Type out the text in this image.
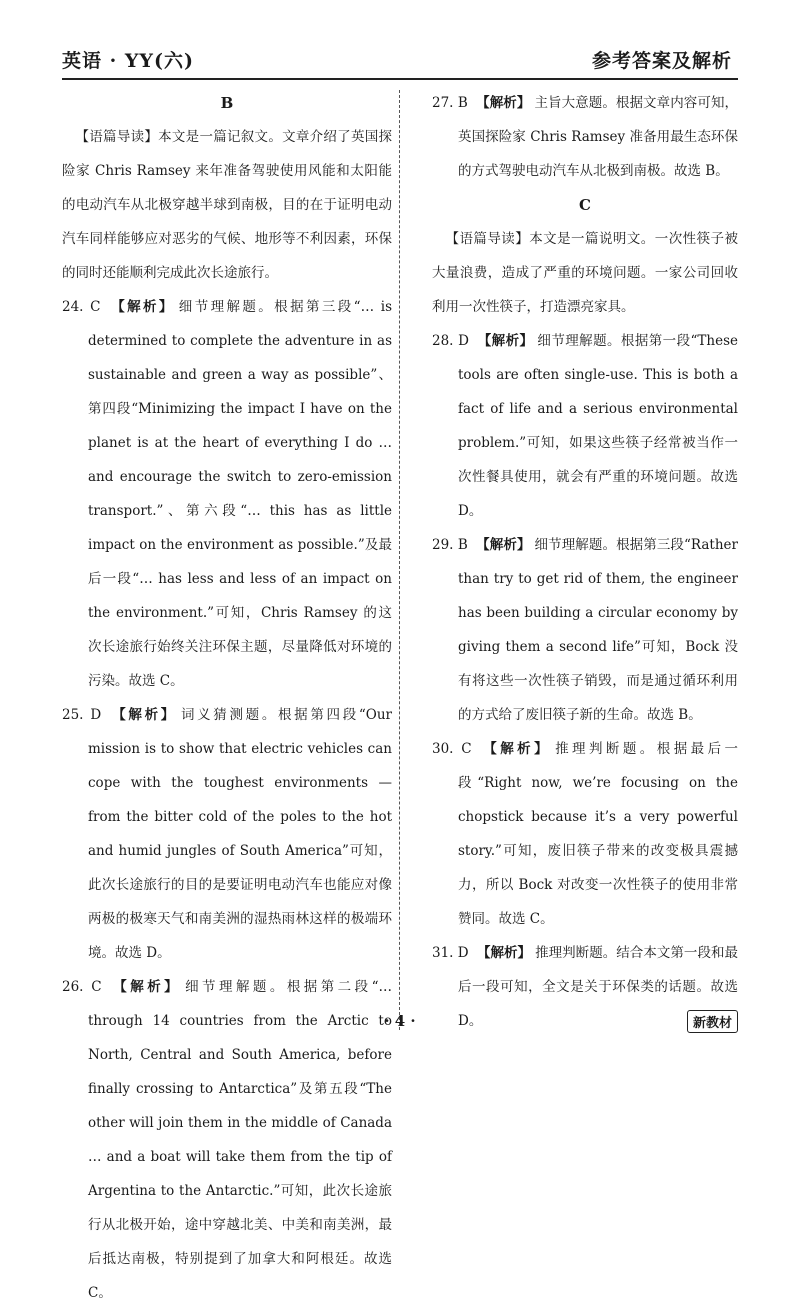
英语 · YY(六)	参考答案及解析

B

【语篇导读】本文是一篇记叙文。文章介绍了英国探险家 Chris Ramsey 来年准备驾驶使用风能和太阳能的电动汽车从北极穿越半球到南极，目的在于证明电动汽车同样能够应对恶劣的气候、地形等不利因素，环保的同时还能顺利完成此次长途旅行。

24. C 【解析】 细节理解题。根据第三段“… is determined to complete the adventure in as sustainable and green a way as possible”、第四段“Minimizing the impact I have on the planet is at the heart of everything I do … and encourage the switch to zero-emission transport.”、第六段“… this has as little impact on the environment as possible.”及最后一段“… has less and less of an impact on the environment.”可知，Chris Ramsey 的这次长途旅行始终关注环保主题，尽量降低对环境的污染。故选 C。

25. D 【解析】 词义猜测题。根据第四段“Our mission is to show that electric vehicles can cope with the toughest environments — from the bitter cold of the poles to the hot and humid jungles of South America”可知，此次长途旅行的目的是要证明电动汽车也能应对像两极的极寒天气和南美洲的湿热雨林这样的极端环境。故选 D。

26. C 【解析】 细节理解题。根据第二段“… through 14 countries from the Arctic to North, Central and South America, before finally crossing to Antarctica”及第五段“The other will join them in the middle of Canada … and a boat will take them from the tip of Argentina to the Antarctic.”可知，此次长途旅行从北极开始，途中穿越北美、中美和南美洲，最后抵达南极，特别提到了加拿大和阿根廷。故选 C。

27. B 【解析】 主旨大意题。根据文章内容可知，英国探险家 Chris Ramsey 准备用最生态环保的方式驾驶电动汽车从北极到南极。故选 B。

C

【语篇导读】本文是一篇说明文。一次性筷子被大量浪费，造成了严重的环境问题。一家公司回收利用一次性筷子，打造漂亮家具。

28. D 【解析】 细节理解题。根据第一段“These tools are often single-use. This is both a fact of life and a serious environmental problem.”可知，如果这些筷子经常被当作一次性餐具使用，就会有严重的环境问题。故选 D。

29. B 【解析】 细节理解题。根据第三段“Rather than try to get rid of them, the engineer has been building a circular economy by giving them a second life”可知，Bock 没有将这些一次性筷子销毁，而是通过循环利用的方式给了废旧筷子新的生命。故选 B。

30. C 【解析】 推理判断题。根据最后一段“Right now, we’re focusing on the chopstick because it’s a very powerful story.”可知，废旧筷子带来的改变极具震撼力，所以 Bock 对改变一次性筷子的使用非常赞同。故选 C。

31. D 【解析】 推理判断题。结合本文第一段和最后一段可知，全文是关于环保类的话题。故选 D。

· 4 ·	新教材
